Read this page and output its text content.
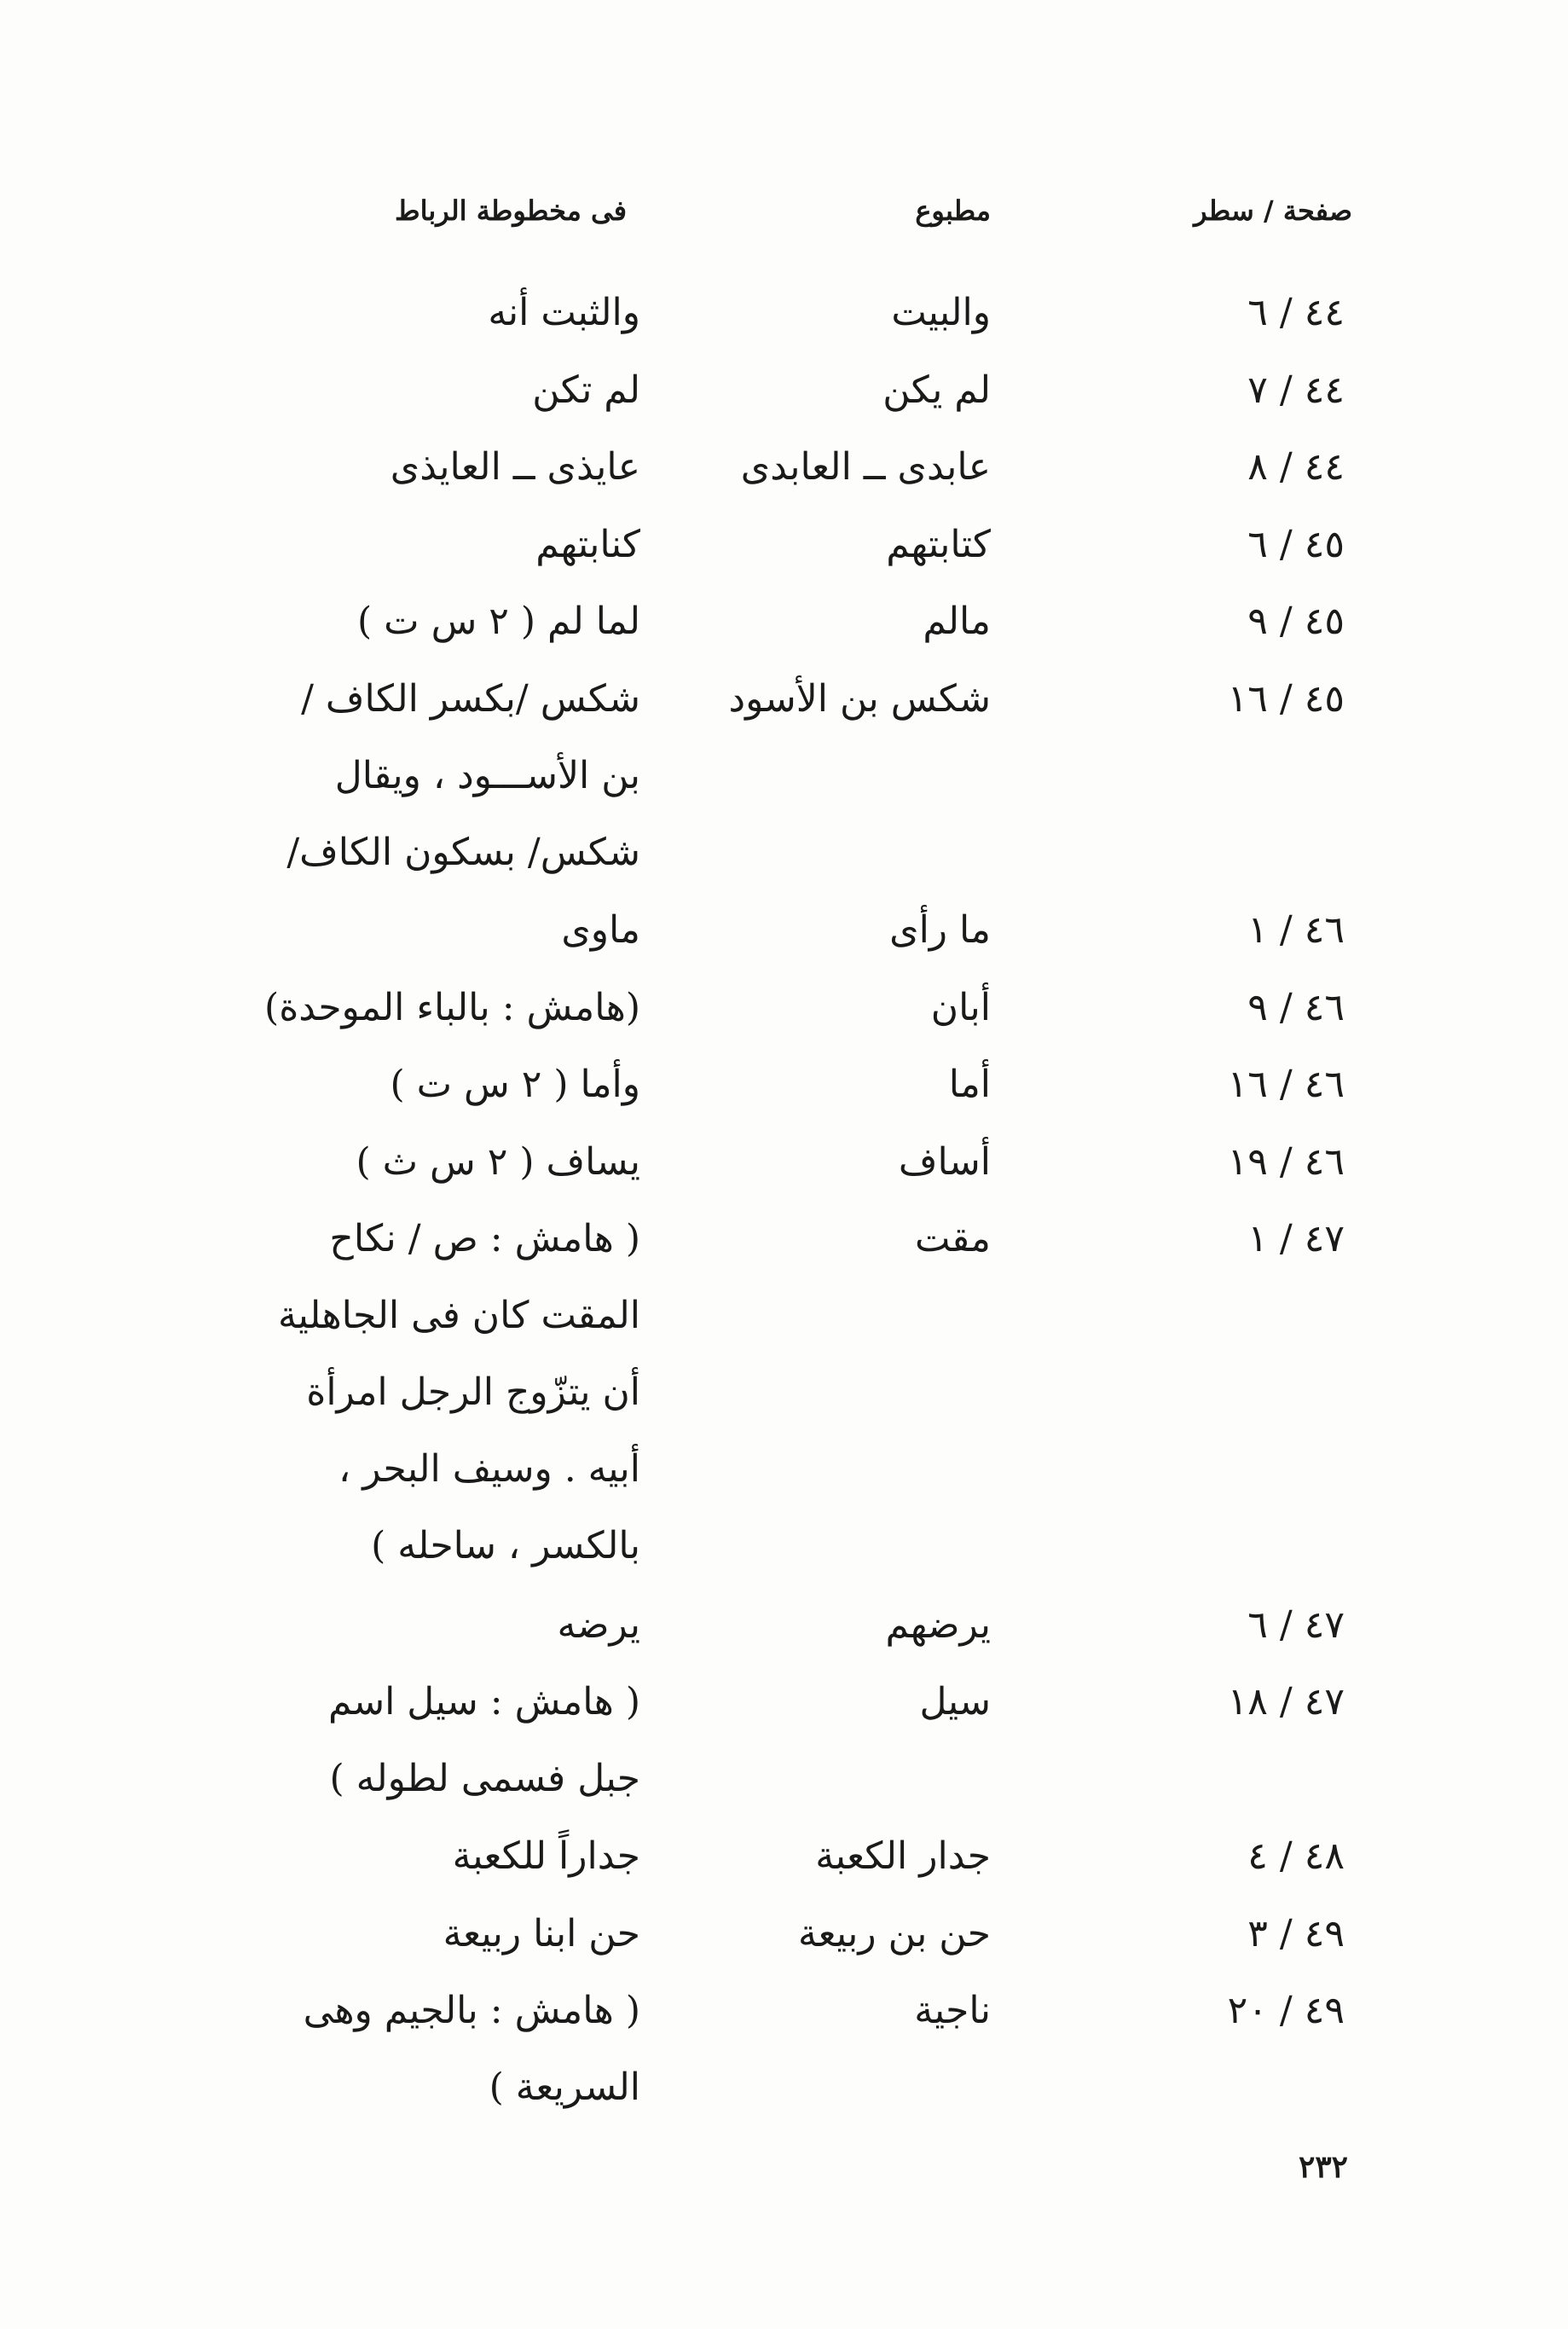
صفحة / سطر
مطبوع
فى مخطوطة الرباط
٤٤ / ٦
والبيت
والثبت أنه
٤٤ / ٧
لم يكن
لم تكن
٤٤ / ٨
عابدى ــ العابدى
عايذى ــ العايذى
٤٥ / ٦
كتابتهم
كنابتهم
٤٥ / ٩
مالم
لما لم ( ٢ س ت )
٤٥ / ١٦
شكس بن الأسود
شكس /بكسر الكاف /
بن الأســـود ، ويقال
شكس/ بسكون الكاف/
٤٦ / ١
ما رأى
ماوى
٤٦ / ٩
أبان
(هامش : بالباء الموحدة)
٤٦ / ١٦
أما
وأما ( ٢ س ت )
٤٦ / ١٩
أساف
يساف ( ٢ س ث )
٤٧ / ١
مقت
( هامش : ص / نكاح
المقت كان فى الجاهلية
أن يتزّوج الرجل امرأة
أبيه . وسيف البحر ،
بالكسر ، ساحله )
٤٧ / ٦
يرضهم
يرضه
٤٧ / ١٨
سيل
( هامش : سيل اسم
جبل فسمى لطوله )
٤٨ / ٤
جدار الكعبة
جداراً للكعبة
٤٩ / ٣
حن بن ربيعة
حن ابنا ربيعة
٤٩ / ٢٠
ناجية
( هامش : بالجيم وهى
السريعة )
٢٣٢
